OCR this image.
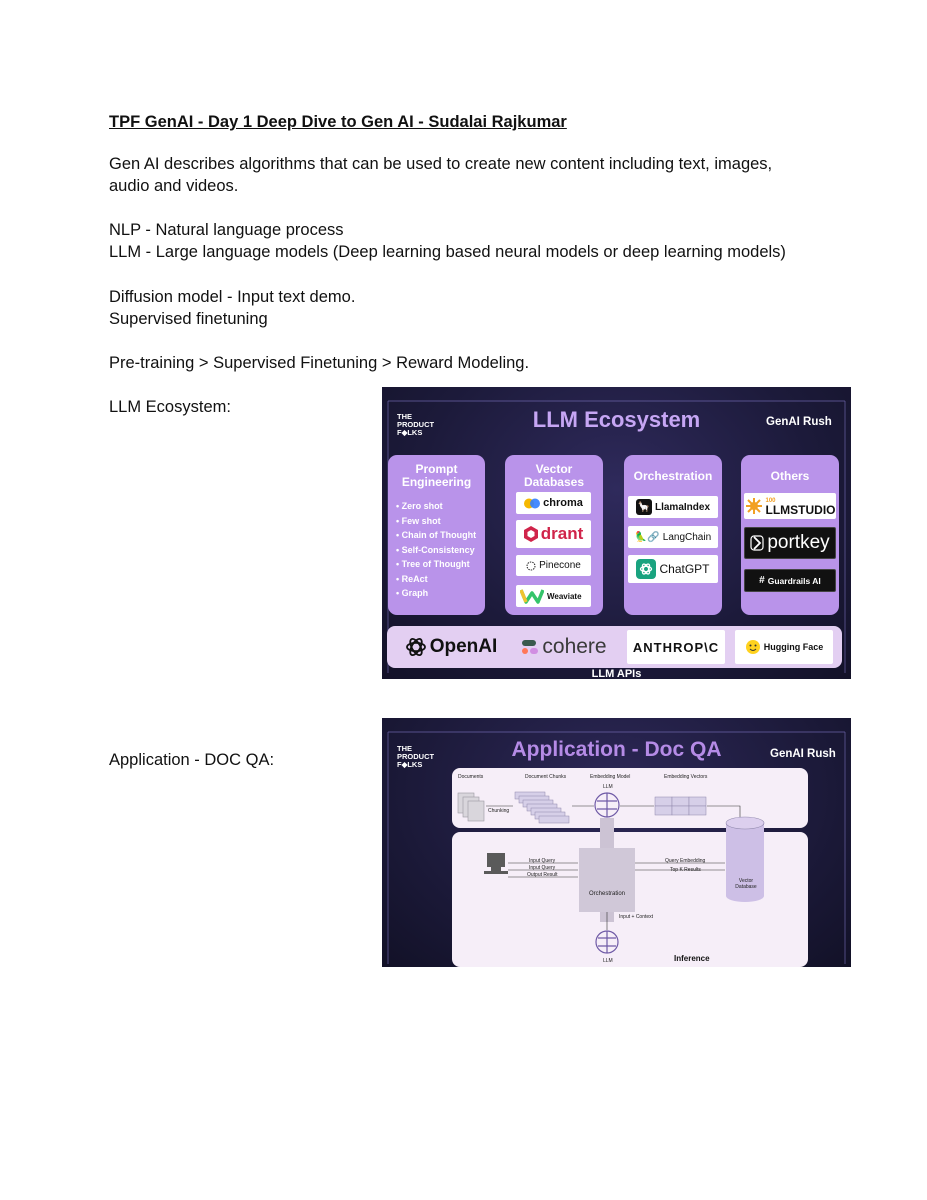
TPF GenAI - Day 1 Deep Dive to Gen AI - Sudalai Rajkumar

Gen AI describes algorithms that can be used to create new content including text, images, audio and videos.

NLP - Natural language process

LLM - Large language models (Deep learning based neural models or deep learning models)

Diffusion model - Input text demo.

Supervised finetuning

Pre-training > Supervised Finetuning > Reward Modeling.

LLM Ecosystem:

Application - DOC QA:

THE
PRODUCT
F◆LKS
LLM Ecosystem	GenAI Rush
Prompt Engineering
• Zero shot
• Few shot
• Chain of Thought
• Self-Consistency
• Tree of Thought
• ReAct
• Graph
Vector Databases
chroma
drant
Pinecone
Weaviate
Orchestration
🦙 LlamaIndex
🦜🔗 LangChain
ChatGPT
Others
100
LLMSTUDIO
portkey
# Guardrails AI
OpenAI cohere	ANTHROP\C	Hugging Face
LLM APIs
THE
PRODUCT
F◆LKS
Application - Doc QA	GenAI Rush
Documents	Document Chunks	Embedding Model	Embedding Vectors
Chunking
LLM
Input Query
Input Query
Output Result
Query Embedding
Top K Results
Vector Database
Orchestration
Input + Context
LLM	Inference
